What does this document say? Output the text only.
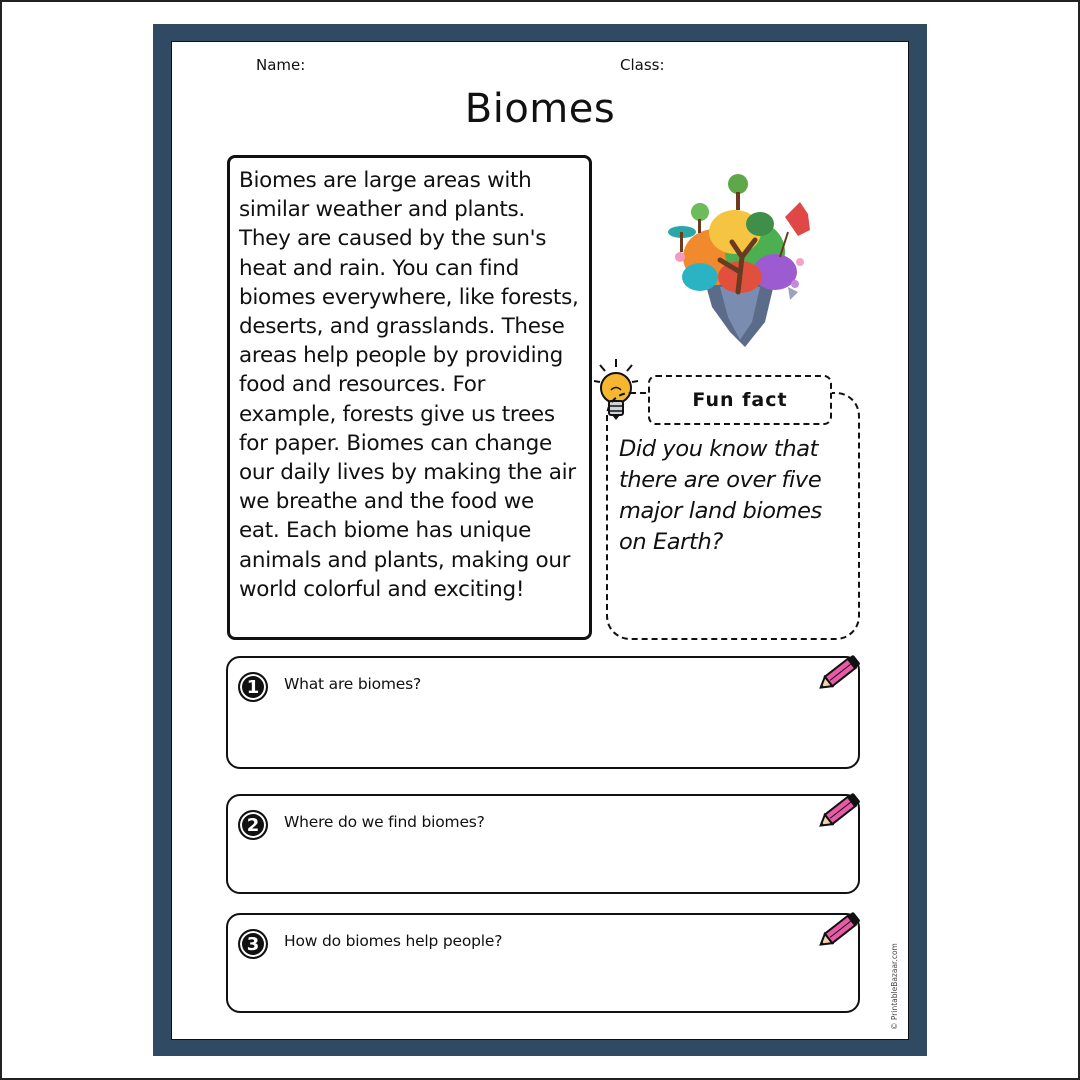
Name:	Class:
Biomes
Biomes are large areas with similar weather and plants. They are caused by the sun's heat and rain. You can find biomes everywhere, like forests, deserts, and grasslands. These areas help people by providing food and resources. For example, forests give us trees for paper. Biomes can change our daily lives by making the air we breathe and the food we eat. Each biome has unique animals and plants, making our world colorful and exciting!
Fun fact
Did you know that there are over five major land biomes on Earth?
1	What are biomes?
2	Where do we find biomes?
3	How do biomes help people?
© PrintableBazaar.com
